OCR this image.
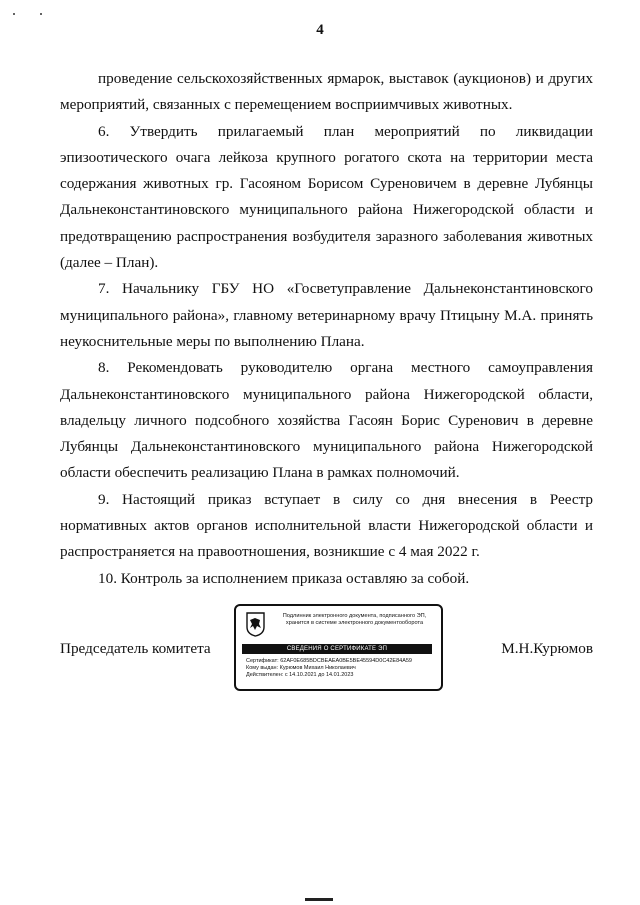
4

проведение сельскохозяйственных ярмарок, выставок (аукционов) и других мероприятий, связанных с перемещением восприимчивых животных.

6. Утвердить прилагаемый план мероприятий по ликвидации эпизоотического очага лейкоза крупного рогатого скота на территории места содержания животных гр. Гасояном Борисом Суреновичем в деревне Лубянцы Дальнеконстантиновского муниципального района Нижегородской области и предотвращению распространения возбудителя заразного заболевания животных (далее – План).

7. Начальнику ГБУ НО «Госветуправление Дальнеконстантиновского муниципального района», главному ветеринарному врачу Птицыну М.А. принять неукоснительные меры по выполнению Плана.

8. Рекомендовать руководителю органа местного самоуправления Дальнеконстантиновского муниципального района Нижегородской области, владельцу личного подсобного хозяйства Гасоян Борис Суренович в деревне Лубянцы Дальнеконстантиновского муниципального района Нижегородской области обеспечить реализацию Плана в рамках полномочий.

9. Настоящий приказ вступает в силу со дня внесения в Реестр нормативных актов органов исполнительной власти Нижегородской области и распространяется на правоотношения, возникшие с 4 мая 2022 г.

10. Контроль за исполнением приказа оставляю за собой.

Председатель комитета	М.Н.Курюмов
Подлинник электронного документа, подписанного ЭП, хранится в системе электронного документооборота
СВЕДЕНИЯ О СЕРТИФИКАТЕ ЭП
Сертификат: 62AF0E685BDCBEAEA0BE5BE45594D0C42E84A59
Кому выдан: Курюмов Михаил Николаевич
Действителен: с 14.10.2021 до 14.01.2023
